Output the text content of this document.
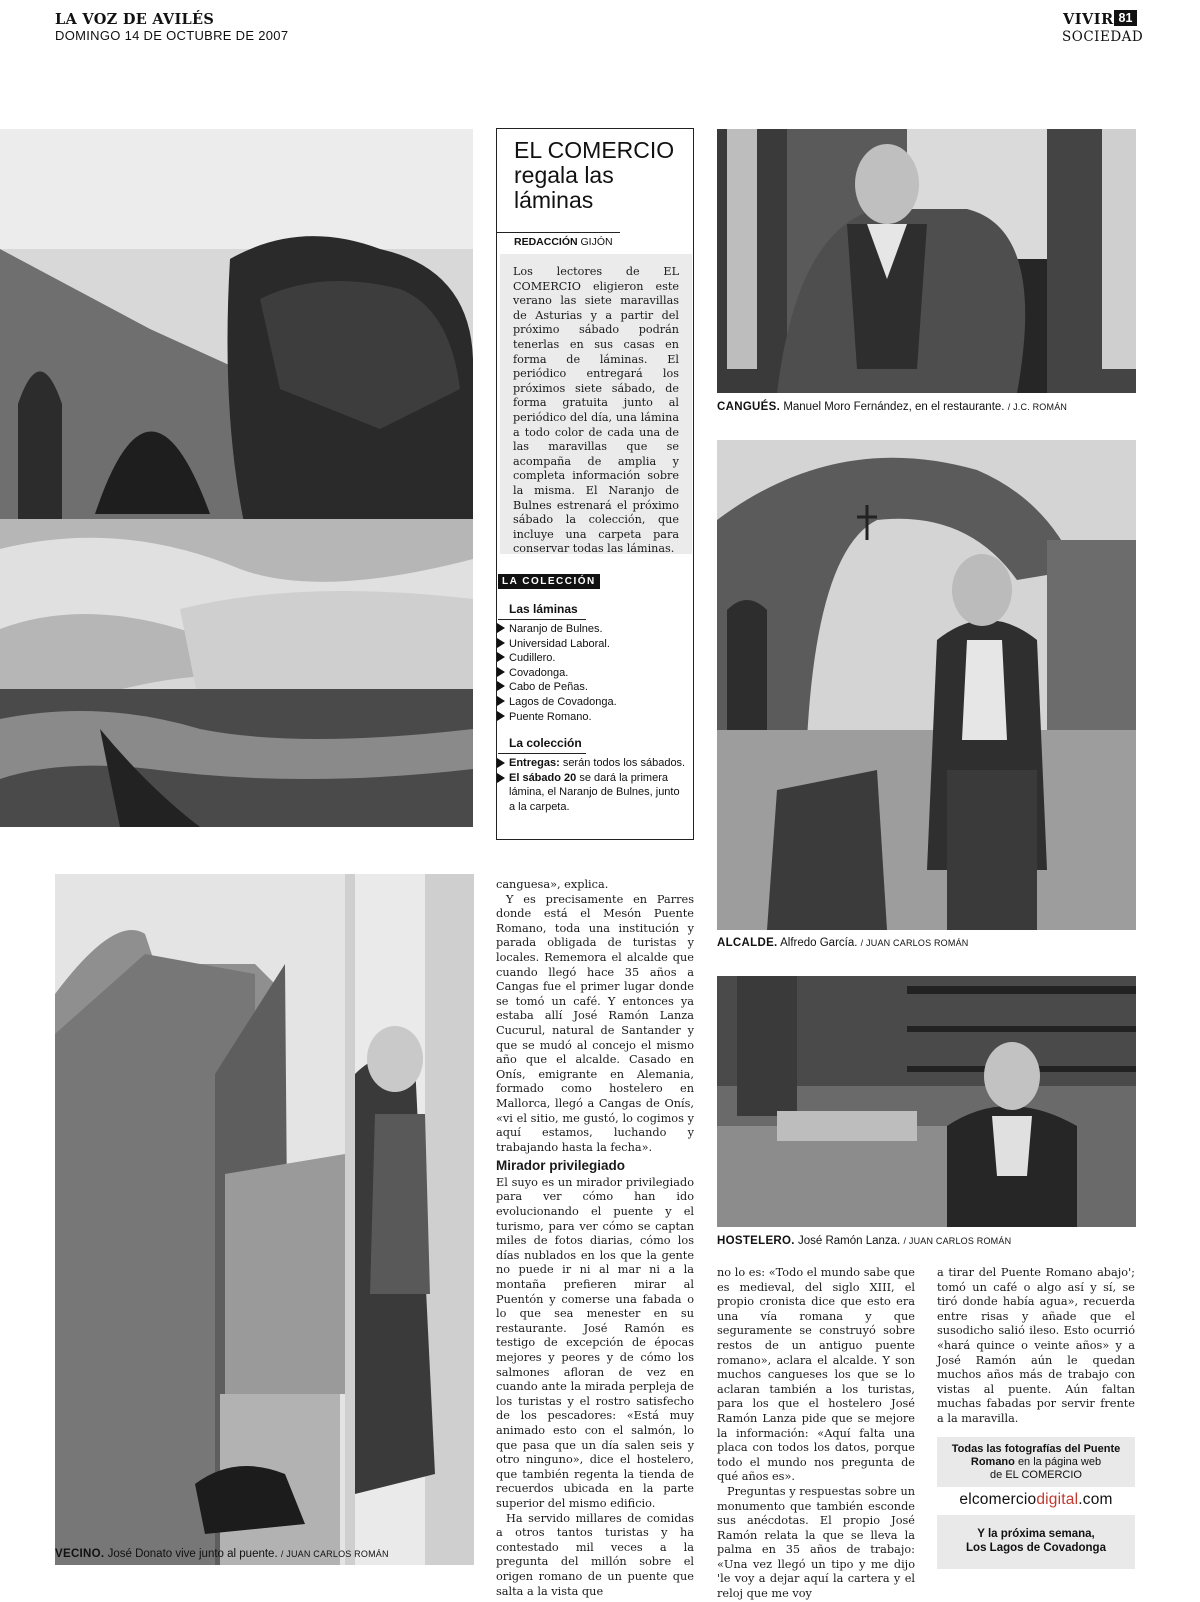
LA VOZ DE AVILÉS
DOMINGO 14 DE OCTUBRE DE 2007
VIVIR 81
SOCIEDAD
EL COMERCIO
regala las
láminas
REDACCIÓN GIJÓN
Los lectores de EL COMERCIO eligieron este verano las siete maravillas de Asturias y a partir del próximo sábado podrán tenerlas en sus casas en forma de láminas. El periódico entregará los próximos siete sábado, de forma gratuita junto al periódico del día, una lámina a todo color de cada una de las maravillas que se acompaña de amplia y completa información sobre la misma. El Naranjo de Bulnes estrenará el próximo sábado la colección, que incluye una carpeta para conservar todas las láminas.
LA COLECCIÓN
Las láminas
Naranjo de Bulnes.
Universidad Laboral.
Cudillero.
Covadonga.
Cabo de Peñas.
Lagos de Covadonga.
Puente Romano.
La colección
Entregas: serán todos los sábados.
El sábado 20 se dará la primera lámina, el Naranjo de Bulnes, junto a la carpeta.
CANGUÉS. Manuel Moro Fernández, en el restaurante. / J.C. ROMÁN
ALCALDE. Alfredo García. / JUAN CARLOS ROMÁN
HOSTELERO. José Ramón Lanza. / JUAN CARLOS ROMÁN
VECINO. José Donato vive junto al puente. / JUAN CARLOS ROMÁN

canguesa», explica.

Y es precisamente en Parres donde está el Mesón Puente Romano, toda una institución y parada obligada de turistas y locales. Rememora el alcalde que cuando llegó hace 35 años a Cangas fue el primer lugar donde se tomó un café. Y entonces ya estaba allí José Ramón Lanza Cucurul, natural de Santander y que se mudó al concejo el mismo año que el alcalde. Casado en Onís, emigrante en Alemania, formado como hostelero en Mallorca, llegó a Cangas de Onís, «vi el sitio, me gustó, lo cogimos y aquí estamos, luchando y trabajando hasta la fecha».

Mirador privilegiado

El suyo es un mirador privilegiado para ver cómo han ido evolucionando el puente y el turismo, para ver cómo se captan miles de fotos diarias, cómo los días nublados en los que la gente no puede ir ni al mar ni a la montaña prefieren mirar al Puentón y comerse una fabada o lo que sea menester en su restaurante. José Ramón es testigo de excepción de épocas mejores y peores y de cómo los salmones afloran de vez en cuando ante la mirada perpleja de los turistas y el rostro satisfecho de los pescadores: «Está muy animado esto con el salmón, lo que pasa que un día salen seis y otro ninguno», dice el hostelero, que también regenta la tienda de recuerdos ubicada en la parte superior del mismo edificio.

Ha servido millares de comidas a otros tantos turistas y ha contestado mil veces a la pregunta del millón sobre el origen romano de un puente que salta a la vista que

no lo es: «Todo el mundo sabe que es medieval, del siglo XIII, el propio cronista dice que esto era una vía romana y que seguramente se construyó sobre restos de un antiguo puente romano», aclara el alcalde. Y son muchos cangueses los que se lo aclaran también a los turistas, para los que el hostelero José Ramón Lanza pide que se mejore la información: «Aquí falta una placa con todos los datos, porque todo el mundo nos pregunta de qué años es».

Preguntas y respuestas sobre un monumento que también esconde sus anécdotas. El propio José Ramón relata la que se lleva la palma en 35 años de trabajo: «Una vez llegó un tipo y me dijo 'le voy a dejar aquí la cartera y el reloj que me voy

a tirar del Puente Romano abajo'; tomó un café o algo así y sí, se tiró donde había agua», recuerda entre risas y añade que el susodicho salió ileso. Esto ocurrió «hará quince o veinte años» y a José Ramón aún le quedan muchos años más de trabajo con vistas al puente. Aún faltan muchas fabadas por servir frente a la maravilla.

Todas las fotografías del Puente
Romano en la página web
de EL COMERCIO
elcomerciodigital.com
Y la próxima semana,
Los Lagos de Covadonga
